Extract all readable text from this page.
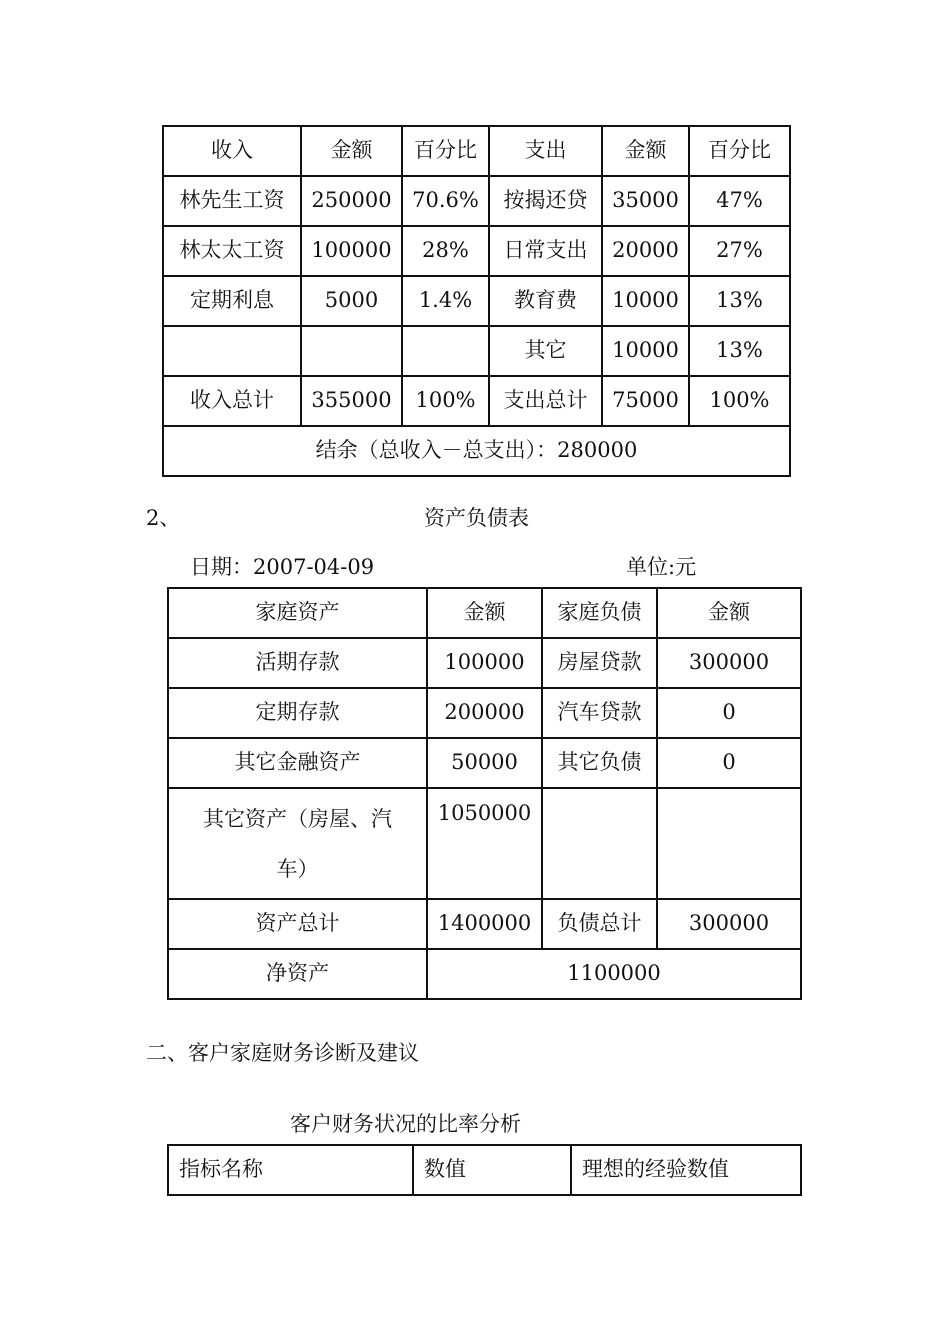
收入	金额	百分比	支出	金额	百分比
林先生工资	250000	70.6%	按揭还贷	35000	47%
林太太工资	100000	28%	日常支出	20000	27%
定期利息	5000	1.4%	教育费	10000	13%
			其它	10000	13%
收入总计	355000	100%	支出总计	75000	100%
结余（总收入－总支出）：280000					
2、	资产负债表
日期：2007-04-09	单位:元
家庭资产	金额	家庭负债	金额
活期存款	100000	房屋贷款	300000
定期存款	200000	汽车贷款	0
其它金融资产	50000	其它负债	0
其它资产（房屋、汽车）	1050000		
资产总计	1400000	负债总计	300000
净资产	1100000		
二、客户家庭财务诊断及建议
客户财务状况的比率分析
指标名称	数值	理想的经验数值
